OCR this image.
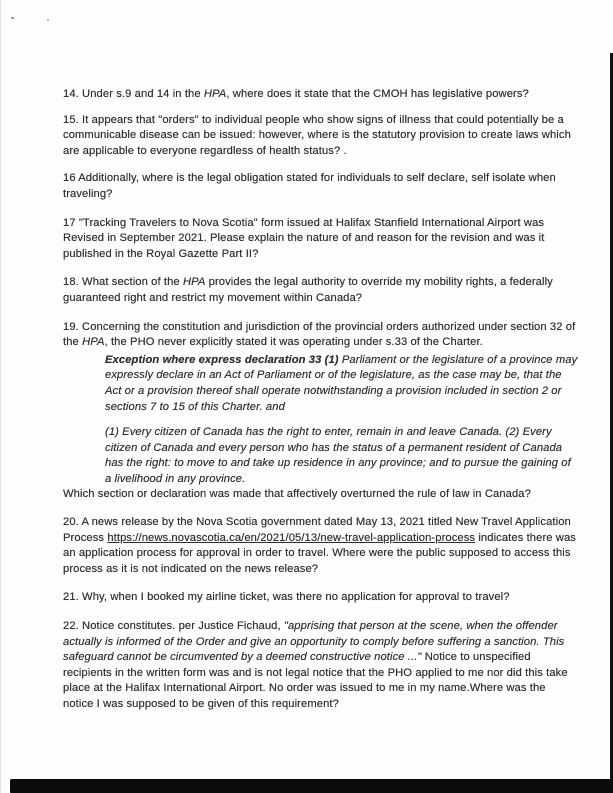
14. Under s.9 and 14 in the HPA, where does it state that the CMOH has legislative powers?

15. It appears that "orders" to individual people who show signs of illness that could potentially be a communicable disease can be issued: however, where is the statutory provision to create laws which are applicable to everyone regardless of health status? .

16 Additionally, where is the legal obligation stated for individuals to self declare, self isolate when traveling?

17 "Tracking Travelers to Nova Scotia" form issued at Halifax Stanfield International Airport was Revised in September 2021. Please explain the nature of and reason for the revision and was it published in the Royal Gazette Part II?

18. What section of the HPA provides the legal authority to override my mobility rights, a federally guaranteed right and restrict my movement within Canada?

19. Concerning the constitution and jurisdiction of the provincial orders authorized under section 32 of the HPA, the PHO never explicitly stated it was operating under s.33 of the Charter.

Exception where express declaration 33 (1) Parliament or the legislature of a province may expressly declare in an Act of Parliament or of the legislature, as the case may be, that the Act or a provision thereof shall operate notwithstanding a provision included in section 2 or sections 7 to 15 of this Charter. and

(1) Every citizen of Canada has the right to enter, remain in and leave Canada. (2) Every citizen of Canada and every person who has the status of a permanent resident of Canada has the right: to move to and take up residence in any province; and to pursue the gaining of a livelihood in any province.

Which section or declaration was made that affectively overturned the rule of law in Canada?

20. A news release by the Nova Scotia government dated May 13, 2021 titled New Travel Application Process https://news.novascotia.ca/en/2021/05/13/new-travel-application-process indicates there was an application process for approval in order to travel. Where were the public supposed to access this process as it is not indicated on the news release?

21. Why, when I booked my airline ticket, was there no application for approval to travel?

22. Notice constitutes. per Justice Fichaud, "apprising that person at the scene, when the offender actually is informed of the Order and give an opportunity to comply before suffering a sanction. This safeguard cannot be circumvented by a deemed constructive notice ..." Notice to unspecified recipients in the written form was and is not legal notice that the PHO applied to me nor did this take place at the Halifax International Airport. No order was issued to me in my name.Where was the notice I was supposed to be given of this requirement?
